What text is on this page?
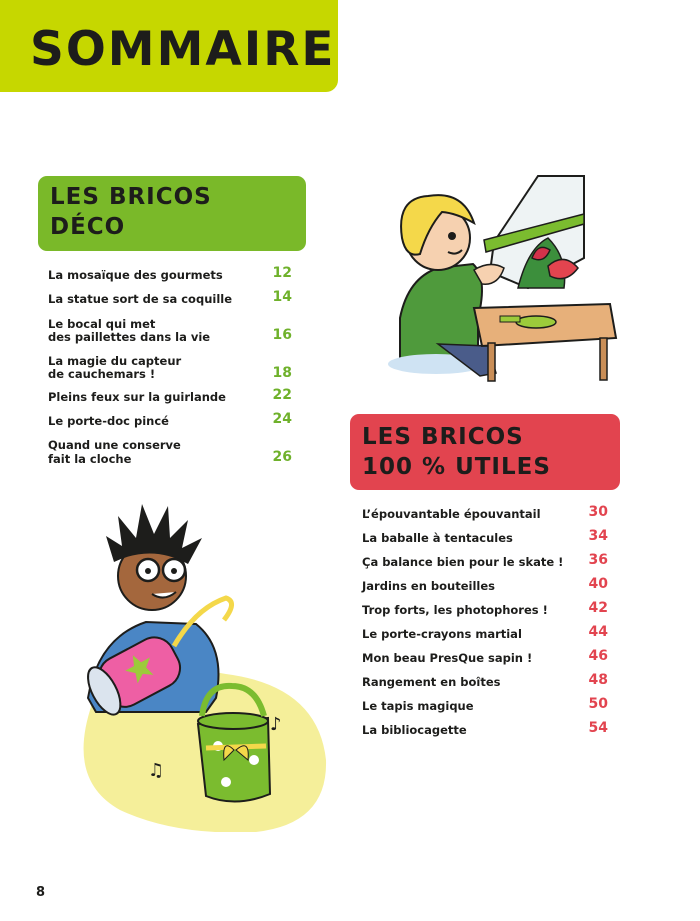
SOMMAIRE
LES BRICOS
DÉCO
La mosaïque des gourmets	12
La statue sort de sa coquille	14
Le bocal qui met
des paillettes dans la vie	16
La magie du capteur
de cauchemars !	18
Pleins feux sur la guirlande	22
Le porte-doc pincé	24
Quand une conserve
fait la cloche	26
LES BRICOS
100 % UTILES
L’épouvantable épouvantail	30
La baballe à tentacules	34
Ça balance bien pour le skate ! 36
Jardins en bouteilles	40
Trop forts, les photophores !	42
Le porte-crayons martial	44
Mon beau PresQue sapin !	46
Rangement en boîtes	48
Le tapis magique	50
La bibliocagette	54
♫
♪
8
